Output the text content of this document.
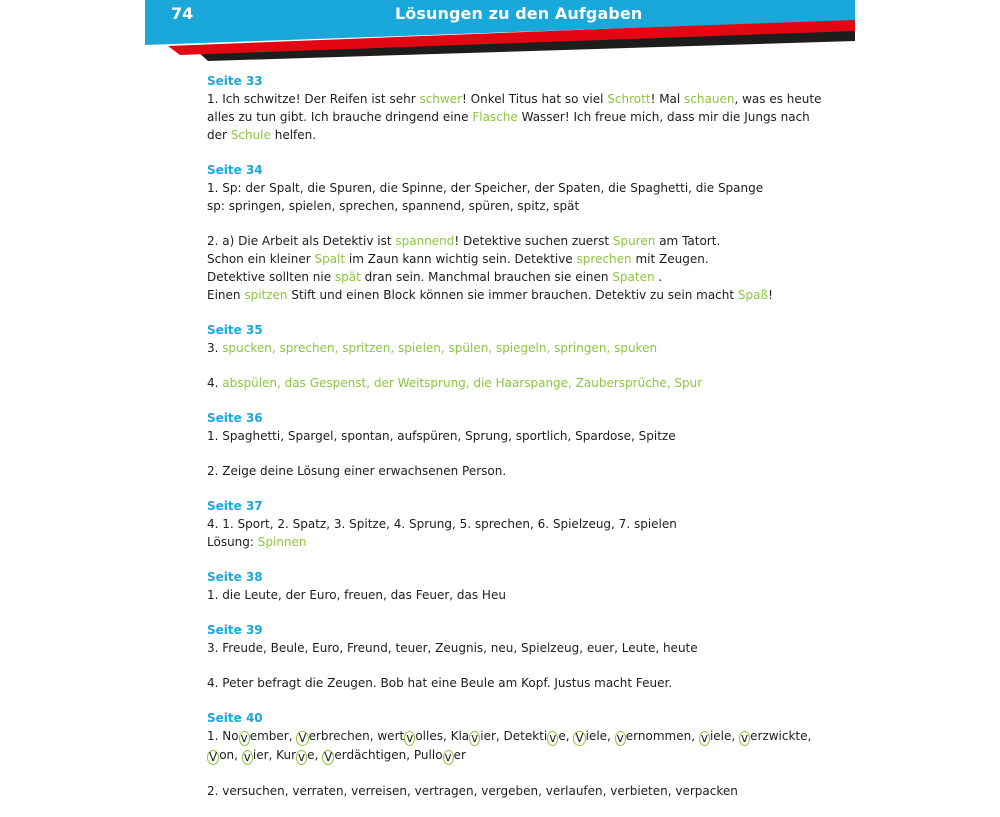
74	Lösungen zu den Aufgaben
Seite 33
1. Ich schwitze! Der Reifen ist sehr schwer! Onkel Titus hat so viel Schrott! Mal schauen, was es heute
alles zu tun gibt. Ich brauche dringend eine Flasche Wasser! Ich freue mich, dass mir die Jungs nach
der Schule helfen.
Seite 34
1. Sp: der Spalt, die Spuren, die Spinne, der Speicher, der Spaten, die Spaghetti, die Spange
sp: springen, spielen, sprechen, spannend, spüren, spitz, spät
2. a) Die Arbeit als Detektiv ist spannend! Detektive suchen zuerst Spuren am Tatort.
Schon ein kleiner Spalt im Zaun kann wichtig sein. Detektive sprechen mit Zeugen.
Detektive sollten nie spät dran sein. Manchmal brauchen sie einen Spaten .
Einen spitzen Stift und einen Block können sie immer brauchen. Detektiv zu sein macht Spaß!
Seite 35
3. spucken, sprechen, spritzen, spielen, spülen, spiegeln, springen, spuken
4. abspülen, das Gespenst, der Weitsprung, die Haarspange, Zaubersprüche, Spur
Seite 36
1. Spaghetti, Spargel, spontan, aufspüren, Sprung, sportlich, Spardose, Spitze
2. Zeige deine Lösung einer erwachsenen Person.
Seite 37
4. 1. Sport, 2. Spatz, 3. Spitze, 4. Sprung, 5. sprechen, 6. Spielzeug, 7. spielen
Lösung: Spinnen
Seite 38
1. die Leute, der Euro, freuen, das Feuer, das Heu
Seite 39
3. Freude, Beule, Euro, Freund, teuer, Zeugnis, neu, Spielzeug, euer, Leute, heute
4. Peter befragt die Zeugen. Bob hat eine Beule am Kopf. Justus macht Feuer.
Seite 40
1. No v ember, V erbrechen, wert v olles, Kla v ier, Detekti v e, V iele, v ernommen, v iele, v erzwickte,
V on, v ier, Kur v e, V erdächtigen, Pullo v er
2. versuchen, verraten, verreisen, vertragen, vergeben, verlaufen, verbieten, verpacken
